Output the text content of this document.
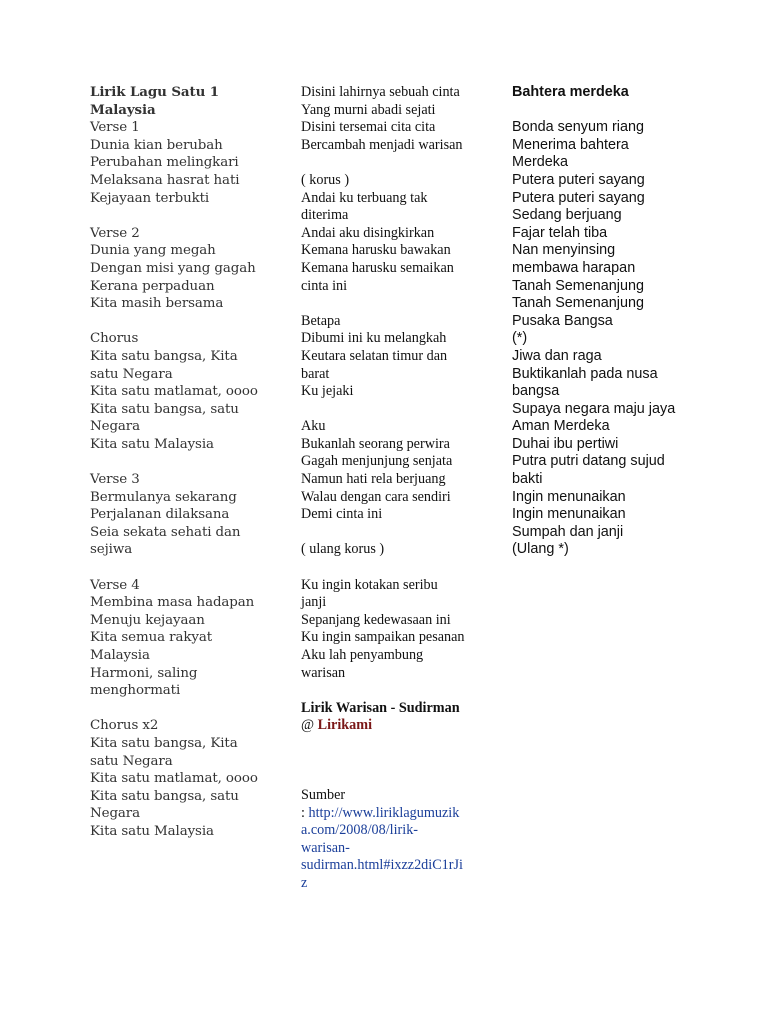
Lirik Lagu Satu 1
Malaysia
Verse 1
Dunia kian berubah
Perubahan melingkari
Melaksana hasrat hati
Kejayaan terbukti
Verse 2
Dunia yang megah
Dengan misi yang gagah
Kerana perpaduan
Kita masih bersama
Chorus
Kita satu bangsa, Kita
satu Negara
Kita satu matlamat, oooo
Kita satu bangsa, satu
Negara
Kita satu Malaysia
Verse 3
Bermulanya sekarang
Perjalanan dilaksana
Seia sekata sehati dan
sejiwa
Verse 4
Membina masa hadapan
Menuju kejayaan
Kita semua rakyat
Malaysia
Harmoni, saling
menghormati
Chorus x2
Kita satu bangsa, Kita
satu Negara
Kita satu matlamat, oooo
Kita satu bangsa, satu
Negara
Kita satu Malaysia
Disini lahirnya sebuah cinta
Yang murni abadi sejati
Disini tersemai cita cita
Bercambah menjadi warisan
( korus )
Andai ku terbuang tak
diterima
Andai aku disingkirkan
Kemana harusku bawakan
Kemana harusku semaikan
cinta ini
Betapa
Dibumi ini ku melangkah
Keutara selatan timur dan
barat
Ku jejaki
Aku
Bukanlah seorang perwira
Gagah menjunjung senjata
Namun hati rela berjuang
Walau dengan cara sendiri
Demi cinta ini
( ulang korus )
Ku ingin kotakan seribu
janji
Sepanjang kedewasaan ini
Ku ingin sampaikan pesanan
Aku lah penyambung
warisan
Lirik Warisan - Sudirman
@ Lirikami
Sumber
: http://www.liriklagumuzik
a.com/2008/08/lirik-
warisan-
sudirman.html#ixzz2diC1rJi
z
Bahtera merdeka
Bonda senyum riang
Menerima bahtera
Merdeka
Putera puteri sayang
Putera puteri sayang
Sedang berjuang
Fajar telah tiba
Nan menyinsing
membawa harapan
Tanah Semenanjung
Tanah Semenanjung
Pusaka Bangsa
(*)
Jiwa dan raga
Buktikanlah pada nusa
bangsa
Supaya negara maju jaya
Aman Merdeka
Duhai ibu pertiwi
Putra putri datang sujud
bakti
Ingin menunaikan
Ingin menunaikan
Sumpah dan janji
(Ulang *)
